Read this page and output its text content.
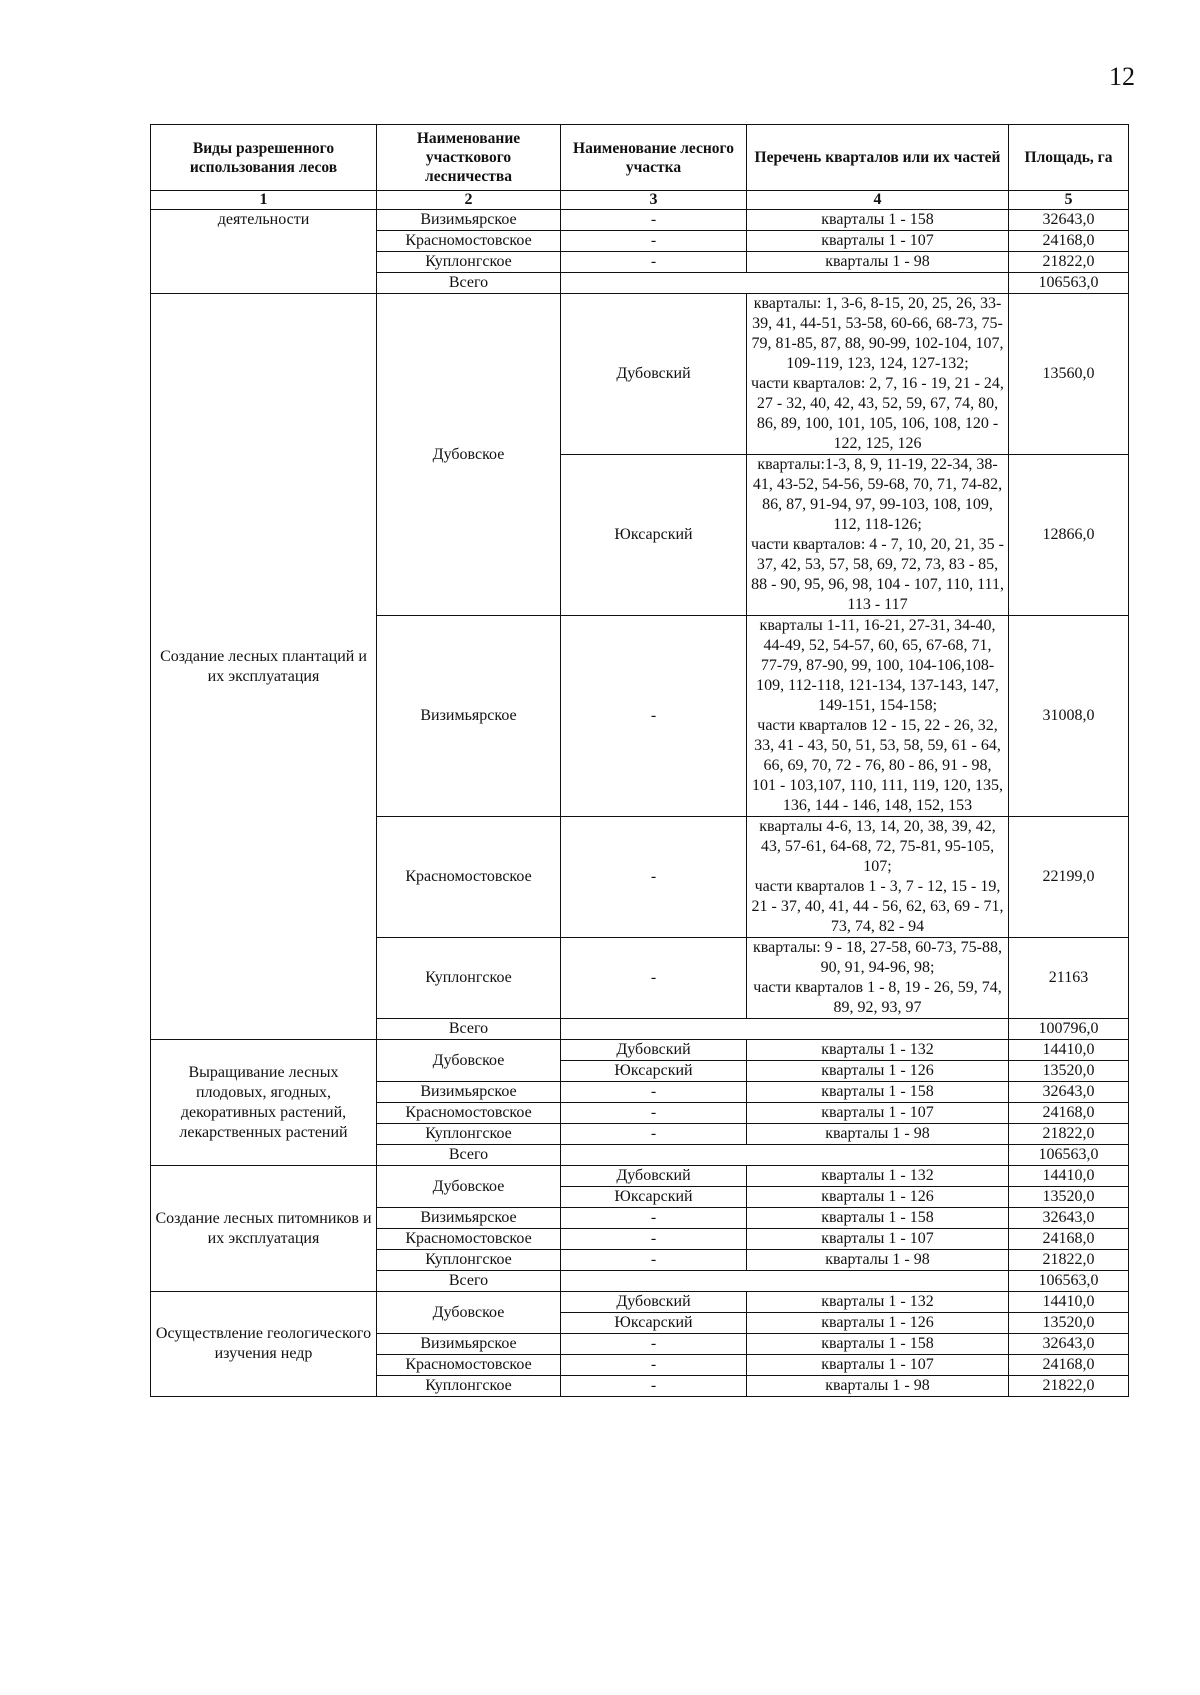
12
Виды разрешенного использования лесов	Наименование участкового лесничества	Наименование лесного участка	Перечень кварталов или их частей	Площадь, га
1	2	3	4	5
деятельности	Визимьярское	-	кварталы 1 - 158	32643,0
	Красномостовское	-	кварталы 1 - 107	24168,0
	Куплонгское	-	кварталы 1 - 98	21822,0
	Всего			106563,0
Создание лесных плантаций и их эксплуатация	Дубовское	Дубовский	кварталы: 1, 3-6, 8-15, 20, 25, 26, 33-39, 41, 44-51, 53-58, 60-66, 68-73, 75-79, 81-85, 87, 88, 90-99, 102-104, 107, 109-119, 123, 124, 127-132;
части кварталов: 2, 7, 16 - 19, 21 - 24, 27 - 32, 40, 42, 43, 52, 59, 67, 74, 80, 86, 89, 100, 101, 105, 106, 108, 120 - 122, 125, 126	13560,0
		Юксарский	кварталы:1-3, 8, 9, 11-19, 22-34, 38-41, 43-52, 54-56, 59-68, 70, 71, 74-82, 86, 87, 91-94, 97, 99-103, 108, 109, 112, 118-126;
части кварталов: 4 - 7, 10, 20, 21, 35 - 37, 42, 53, 57, 58, 69, 72, 73, 83 - 85, 88 - 90, 95, 96, 98, 104 - 107, 110, 111, 113 - 117	12866,0
	Визимьярское	-	кварталы 1-11, 16-21, 27-31, 34-40, 44-49, 52, 54-57, 60, 65, 67-68, 71, 77-79, 87-90, 99, 100, 104-106,108-109, 112-118, 121-134, 137-143, 147, 149-151, 154-158;
части кварталов 12 - 15, 22 - 26, 32, 33, 41 - 43, 50, 51, 53, 58, 59, 61 - 64, 66, 69, 70, 72 - 76, 80 - 86, 91 - 98, 101 - 103,107, 110, 111, 119, 120, 135, 136, 144 - 146, 148, 152, 153	31008,0
	Красномостовское	-	кварталы 4-6, 13, 14, 20, 38, 39, 42, 43, 57-61, 64-68, 72, 75-81, 95-105, 107;
части кварталов 1 - 3, 7 - 12, 15 - 19, 21 - 37, 40, 41, 44 - 56, 62, 63, 69 - 71, 73, 74, 82 - 94	22199,0
	Куплонгское	-	кварталы: 9 - 18, 27-58, 60-73, 75-88, 90, 91, 94-96, 98;
части кварталов 1 - 8, 19 - 26, 59, 74, 89, 92, 93, 97	21163
	Всего			100796,0
Выращивание лесных плодовых, ягодных, декоративных растений, лекарственных растений	Дубовское	Дубовский	кварталы 1 - 132	14410,0
		Юксарский	кварталы 1 - 126	13520,0
	Визимьярское	-	кварталы 1 - 158	32643,0
	Красномостовское	-	кварталы 1 - 107	24168,0
	Куплонгское	-	кварталы 1 - 98	21822,0
	Всего			106563,0
Создание лесных питомников и их эксплуатация	Дубовское	Дубовский	кварталы 1 - 132	14410,0
		Юксарский	кварталы 1 - 126	13520,0
	Визимьярское	-	кварталы 1 - 158	32643,0
	Красномостовское	-	кварталы 1 - 107	24168,0
	Куплонгское	-	кварталы 1 - 98	21822,0
	Всего			106563,0
Осуществление геологического изучения недр	Дубовское	Дубовский	кварталы 1 - 132	14410,0
		Юксарский	кварталы 1 - 126	13520,0
	Визимьярское	-	кварталы 1 - 158	32643,0
	Красномостовское	-	кварталы 1 - 107	24168,0
	Куплонгское	-	кварталы 1 - 98	21822,0
